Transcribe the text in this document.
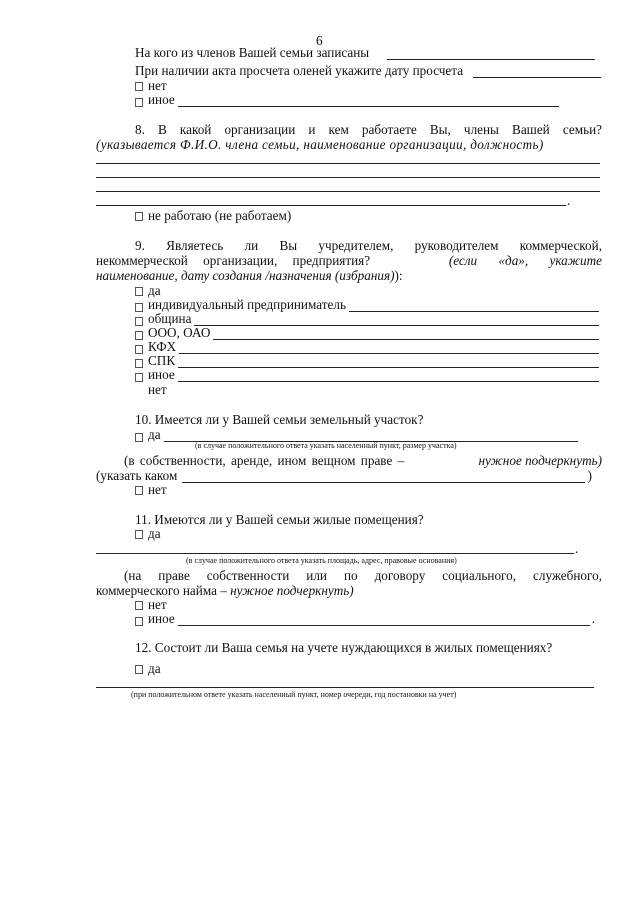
6
На кого из членов Вашей семьи записаны
При наличии акта просчета оленей укажите дату просчета
нет
иное
8. В какой организации и кем работаете Вы, члены Вашей семьи?
(указывается Ф.И.О. члена семьи, наименование организации, должность)
.
не работаю (не работаем)
9. Являетесь ли Вы учредителем, руководителем коммерческой,
некоммерческой организации, предприятия?	(если «да», укажите
наименование, дату создания /назначения (избрания)):
да
индивидуальный предприниматель
община
ООО, ОАО
КФХ
СПК
иное
нет
10. Имеется ли у Вашей семьи земельный участок?
да
(в случае положительного ответа указать населенный пункт, размер участка)
(в собственности, аренде, ином вещном праве –	нужное подчеркнуть)
(указать каком	)
нет
11. Имеются ли у Вашей семьи жилые помещения?
да
.
(в случае положительного ответа указать площадь, адрес, правовые основания)
(на праве собственности или по договору социального, служебного,
коммерческого найма – нужное подчеркнуть)
нет
иное	.
12. Состоит ли Ваша семья на учете нуждающихся в жилых помещениях?
да
(при положительном ответе указать населенный пункт, номер очереди, год постановки на учет)
